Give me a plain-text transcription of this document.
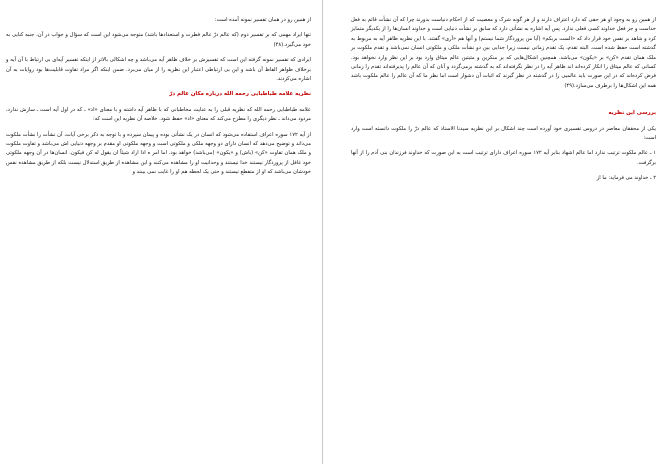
از همین رو به وجود او هر حقی که دارد اعتراف دارند و از هر گونه شرک و معصیت که از احکام دنیاست بدورند چرا که آن نشأت قائم به فعل خداست و جز فعل خداوند کسی فعلی ندارد. پس آیه اشاره به نشأتی دارد که سابق بر نشأت دنیایی است و خداوند انسان‌ها را از یکدیگر متمایز کرد و شاهد بر نفس خود قرار داد که «الست بربکم» (آیا من پروردگار شما نیستم) و آنها هم «آری» گفتند. با این نظریه ظاهر آیه به مربوط به گذشته است حفظ شده است. البته تقدم، یک تقدم زمانی نیست زیرا جدایی بین دو نشأت ملکی و ملکوتی انسان نمی‌باشد و تقدم ملکوت بر ملک همان تقدم «کن» بر «یکون» می‌باشد. همچنین اشکال‌هایی که بر منکرین و مثبتین عالم میثاق وارد بود بر این نظر وارد نخواهد بود. کسانی که عالم میثاق را انکار کرده‌اند اند ظاهر آیه را در نظر نگرفته‌اند که به گذشته برمی‌گردد و آنان که آن عالم را پذیرفته‌اند تقدم را زمانی فرض کرده‌اند که در این صورت باید عالمیی را در گذشته در نظر گیرند که اثبات آن دشوار است اما نظر ما که آن عالم را عالم ملکوت باشد همه این اشکال‌ها را برطرف می‌سازد.(۴۹)

بررسی این نظریه

یکی از محققان معاصر در دروس تفسیری خود آورده است چند اشکال بر این نظریه سیدنا الاستاذ که عالم ذرّ را ملکوت دانسته است وارد است:

۱ ـ عالم ملکوت ترتیب ندارد اما عالم اشهاد بنابر آیه ۱۷۲ سوره اعراف دارای ترتیب است به این صورت که خداوند فرزندان بنی آدم را از آنها برگرفت.

۲ ـ خداوند می فرماید: ما از

از همین رو در همان تفسیر نمونه آمده است:

تنها ایراد مهمی که بر تفسیر دوم (که عالم ذرّ عالم فطرت و استعدادها باشد) متوجه می‌شود این است که سؤال و جواب در آن، جنبه کنایی به خود می‌گیرد.(۴۸)

ایرادی که تفسیر نمونه گرفته این است که تفسیرش بر خلاف ظاهر آیه می‌باشد و چه اشکالی بالاتر از اینکه تفسیر آیه‌ای بی ارتباط با آن آیه و برخلاف ظواهر الفاظ آن باشد و این بی ارتباطی اعتبار این نظریه را از میان می‌برد. ضمن اینکه اگر مراد تفاوت قابلیت‌ها بود روایات به آن اشاره می‌کردند.

نظریه علامه طباطبایی رحمه الله درباره مکان عالم ذرّ

علامه طباطبایی رحمه الله که نظریه قبلی را به عنایت مخاطبانی که با ظاهر آیه داشته و با معنای «اذ» ـ که در اول آیه است ـ سازش ندارد، مردود می‌داند ـ نظر دیگری را مطرح می‌کند که معنای «اذ» حفظ شود. خلاصه آن نظریه این است که:

از آیه ۱۷۲ سوره اعراف استفاده می‌شود که انسان در یک نشأتی بوده و پیمان سپرده و با توجه به ذکر برخی آیات، آن نشأت را نشأت ملکوت می‌داند و توضیح می‌دهد که انسان دارای دو وجهه ملکی و ملکوتی است و وجهه ملکوتی او مقدم بر وجهه دنیایی اش می‌باشد و تفاوت ملکوت و ملک همان تفاوت «کن» (باش) و «یکون» (می‌باشد) خواهد بود. اما امر ه اذا اراد شیئاً ان یقول له کن فیکون. انسان‌ها در آن وجهه ملکوتی خود غافل از پروردگار نیستند خدا نیستند و وحدانیت او را مشاهده می‌کنند و این مشاهده از طریق استدلال نیست بلکه از طریق مشاهده نفس خودشان می‌باشد که او از متفطع نیستند و حتی یک لحظه هم او را غایب نمی بینند و
